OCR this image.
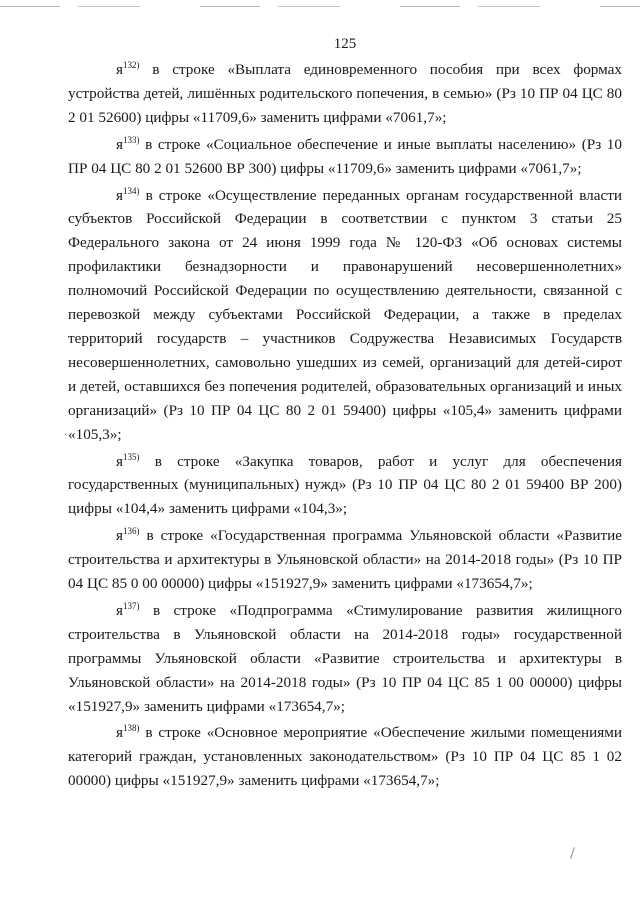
125

$я^{132)}$ в строке «Выплата единовременного пособия при всех формах устройства детей, лишённых родительского попечения, в семью» (Рз 10 ПР 04 ЦС 80 2 01 52600) цифры «11709,6» заменить цифрами «7061,7»;

$я^{133)}$ в строке «Социальное обеспечение и иные выплаты населению» (Рз 10 ПР 04 ЦС 80 2 01 52600 ВР 300) цифры «11709,6» заменить цифрами «7061,7»;

$я^{134)}$ в строке «Осуществление переданных органам государственной власти субъектов Российской Федерации в соответствии с пунктом 3 статьи 25 Федерального закона от 24 июня 1999 года № 120-ФЗ «Об основах системы профилактики безнадзорности и правонарушений несовершеннолетних» полномочий Российской Федерации по осуществлению деятельности, связанной с перевозкой между субъектами Российской Федерации, а также в пределах территорий государств – участников Содружества Независимых Государств несовершеннолетних, самовольно ушедших из семей, организаций для детей-сирот и детей, оставшихся без попечения родителей, образовательных организаций и иных организаций» (Рз 10 ПР 04 ЦС 80 2 01 59400) цифры «105,4» заменить цифрами «105,3»;

$я^{135)}$ в строке «Закупка товаров, работ и услуг для обеспечения государственных (муниципальных) нужд» (Рз 10 ПР 04 ЦС 80 2 01 59400 ВР 200) цифры «104,4» заменить цифрами «104,3»;

$я^{136)}$ в строке «Государственная программа Ульяновской области «Развитие строительства и архитектуры в Ульяновской области» на 2014-2018 годы» (Рз 10 ПР 04 ЦС 85 0 00 00000) цифры «151927,9» заменить цифрами «173654,7»;

$я^{137)}$ в строке «Подпрограмма «Стимулирование развития жилищного строительства в Ульяновской области на 2014-2018 годы» государственной программы Ульяновской области «Развитие строительства и архитектуры в Ульяновской области» на 2014-2018 годы» (Рз 10 ПР 04 ЦС 85 1 00 00000) цифры «151927,9» заменить цифрами «173654,7»;

$я^{138)}$ в строке «Основное мероприятие «Обеспечение жилыми помещениями категорий граждан, установленных законодательством» (Рз 10 ПР 04 ЦС 85 1 02 00000) цифры «151927,9» заменить цифрами «173654,7»;

·
